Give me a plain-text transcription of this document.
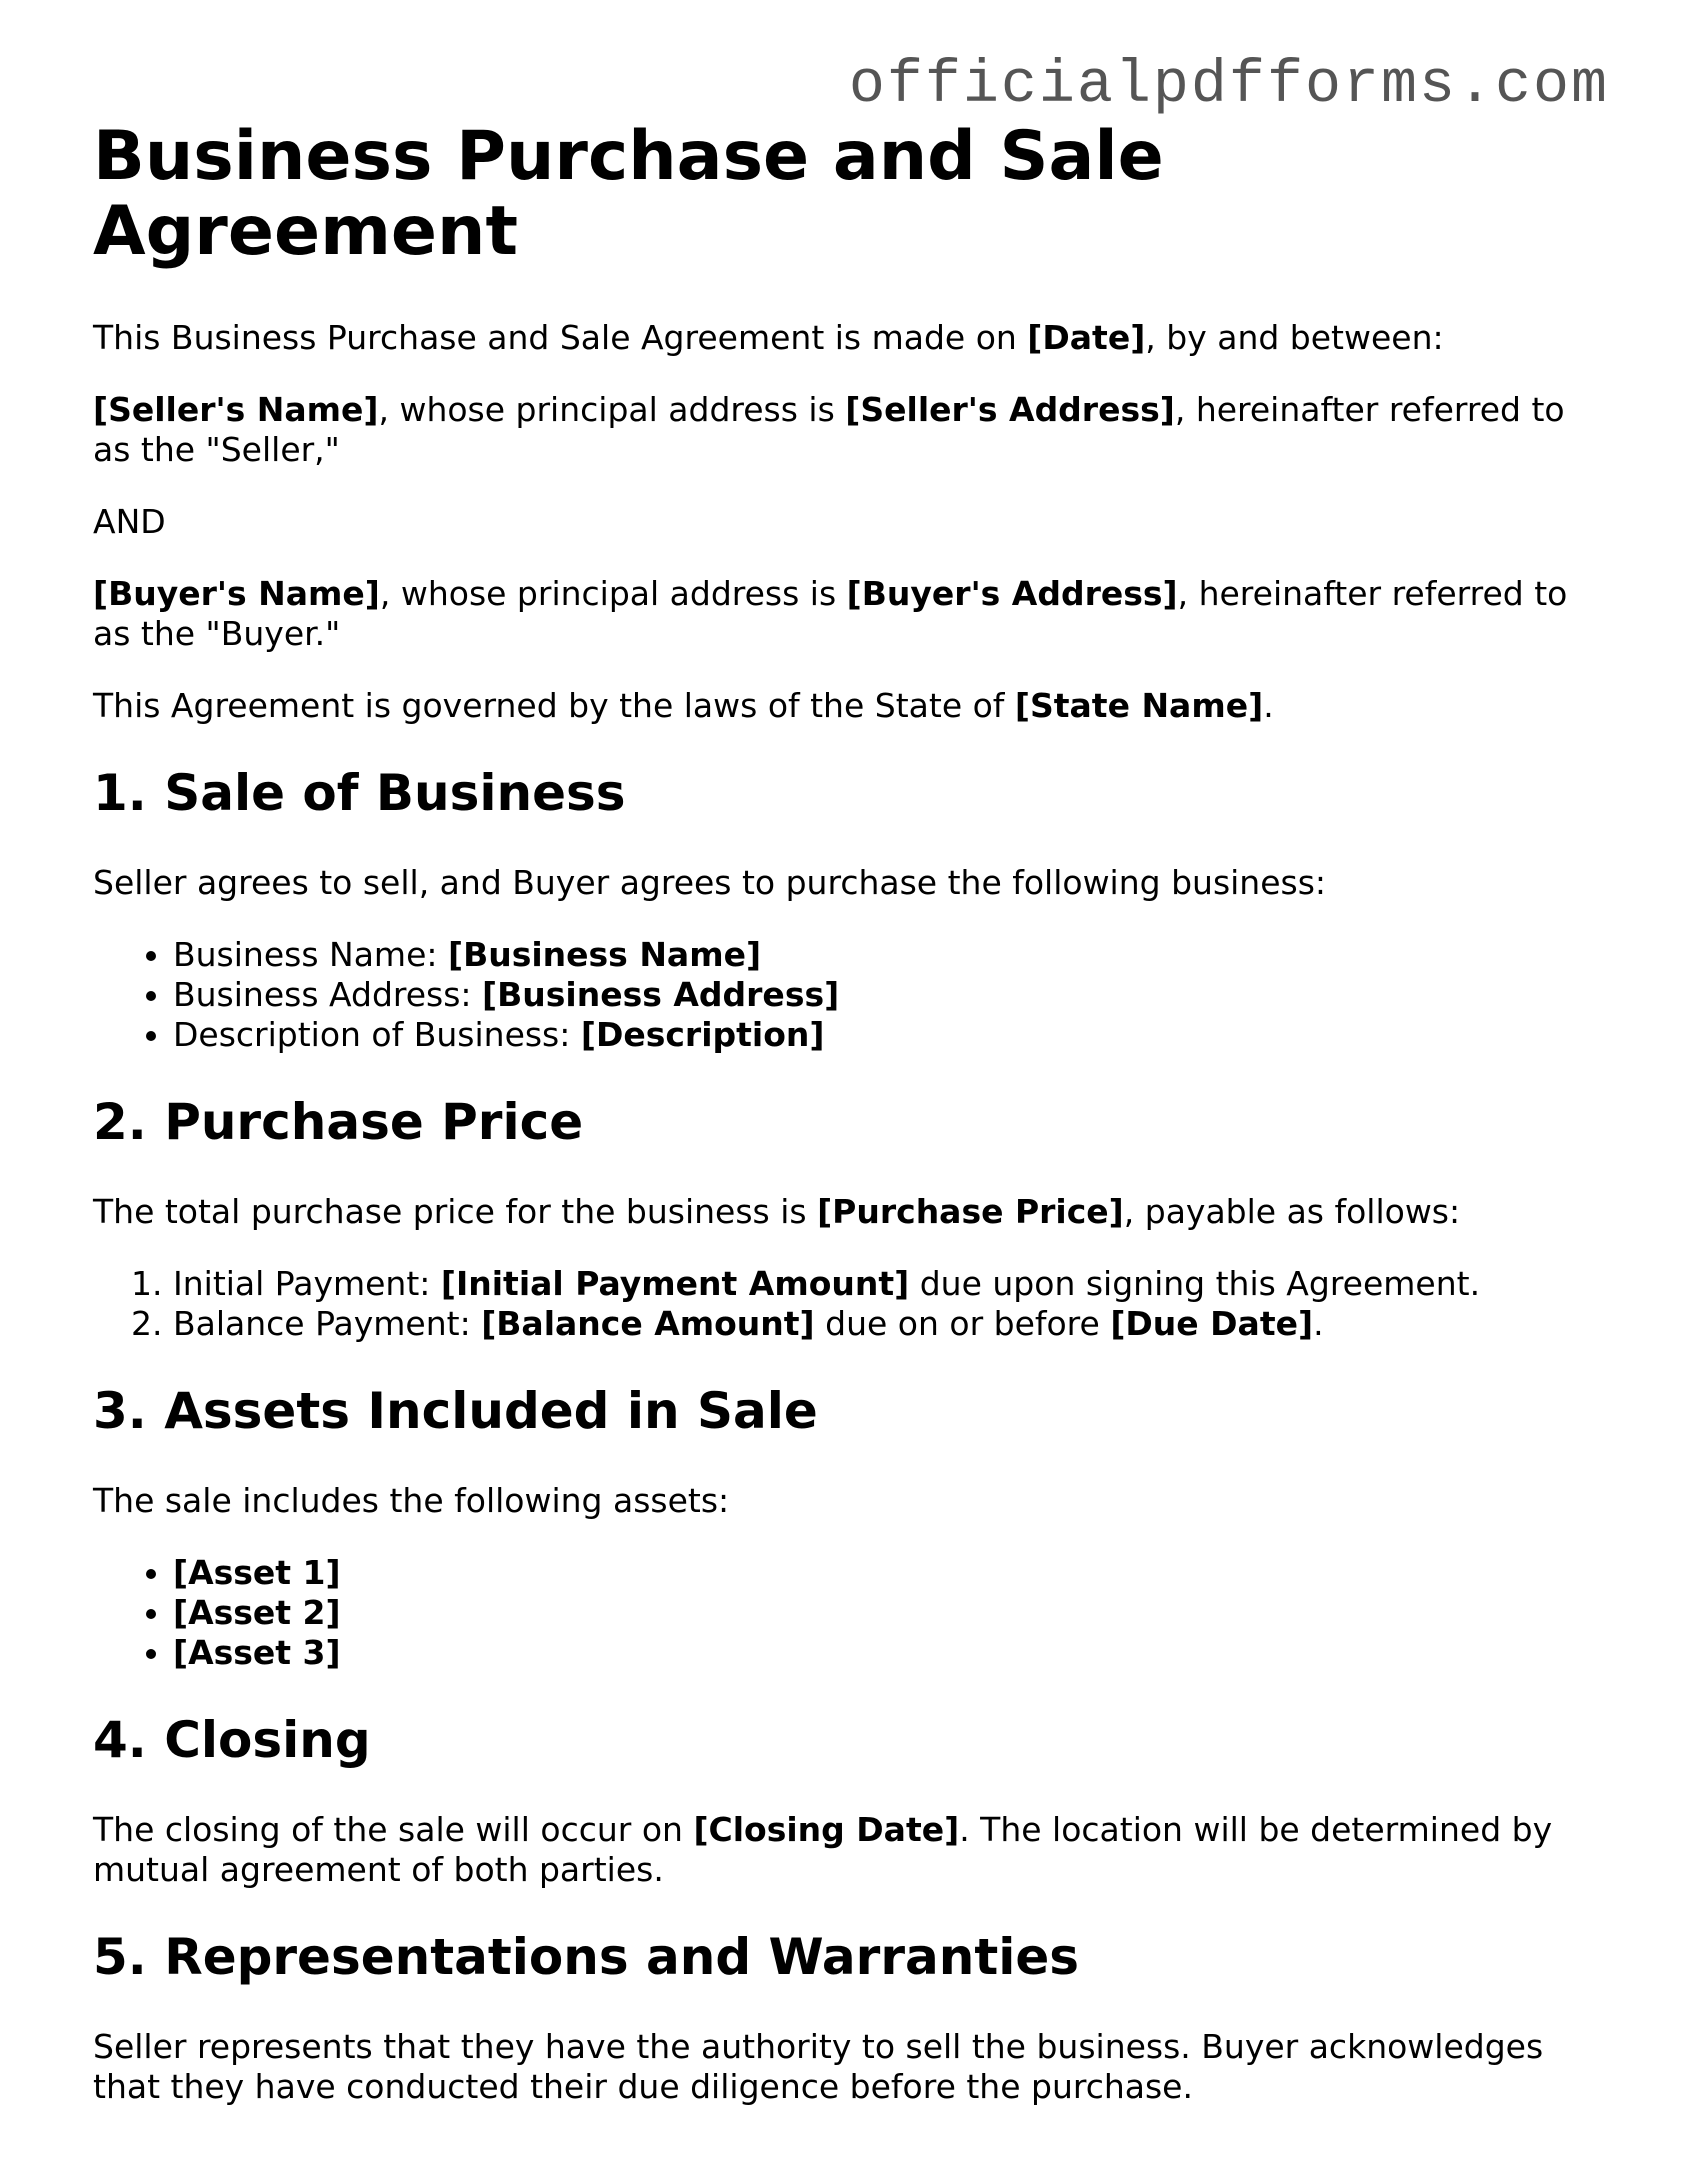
officialpdfforms.com
Business Purchase and Sale Agreement

This Business Purchase and Sale Agreement is made on [Date], by and between:

[Seller's Name], whose principal address is [Seller's Address], hereinafter referred to as the "Seller,"

AND

[Buyer's Name], whose principal address is [Buyer's Address], hereinafter referred to as the "Buyer."

This Agreement is governed by the laws of the State of [State Name].

1. Sale of Business

Seller agrees to sell, and Buyer agrees to purchase the following business:

• Business Name: [Business Name]
• Business Address: [Business Address]
• Description of Business: [Description]
2. Purchase Price

The total purchase price for the business is [Purchase Price], payable as follows:

1. Initial Payment: [Initial Payment Amount] due upon signing this Agreement.
2. Balance Payment: [Balance Amount] due on or before [Due Date].
3. Assets Included in Sale

The sale includes the following assets:

• [Asset 1]
• [Asset 2]
• [Asset 3]
4. Closing

The closing of the sale will occur on [Closing Date]. The location will be determined by mutual agreement of both parties.

5. Representations and Warranties

Seller represents that they have the authority to sell the business. Buyer acknowledges that they have conducted their due diligence before the purchase.
